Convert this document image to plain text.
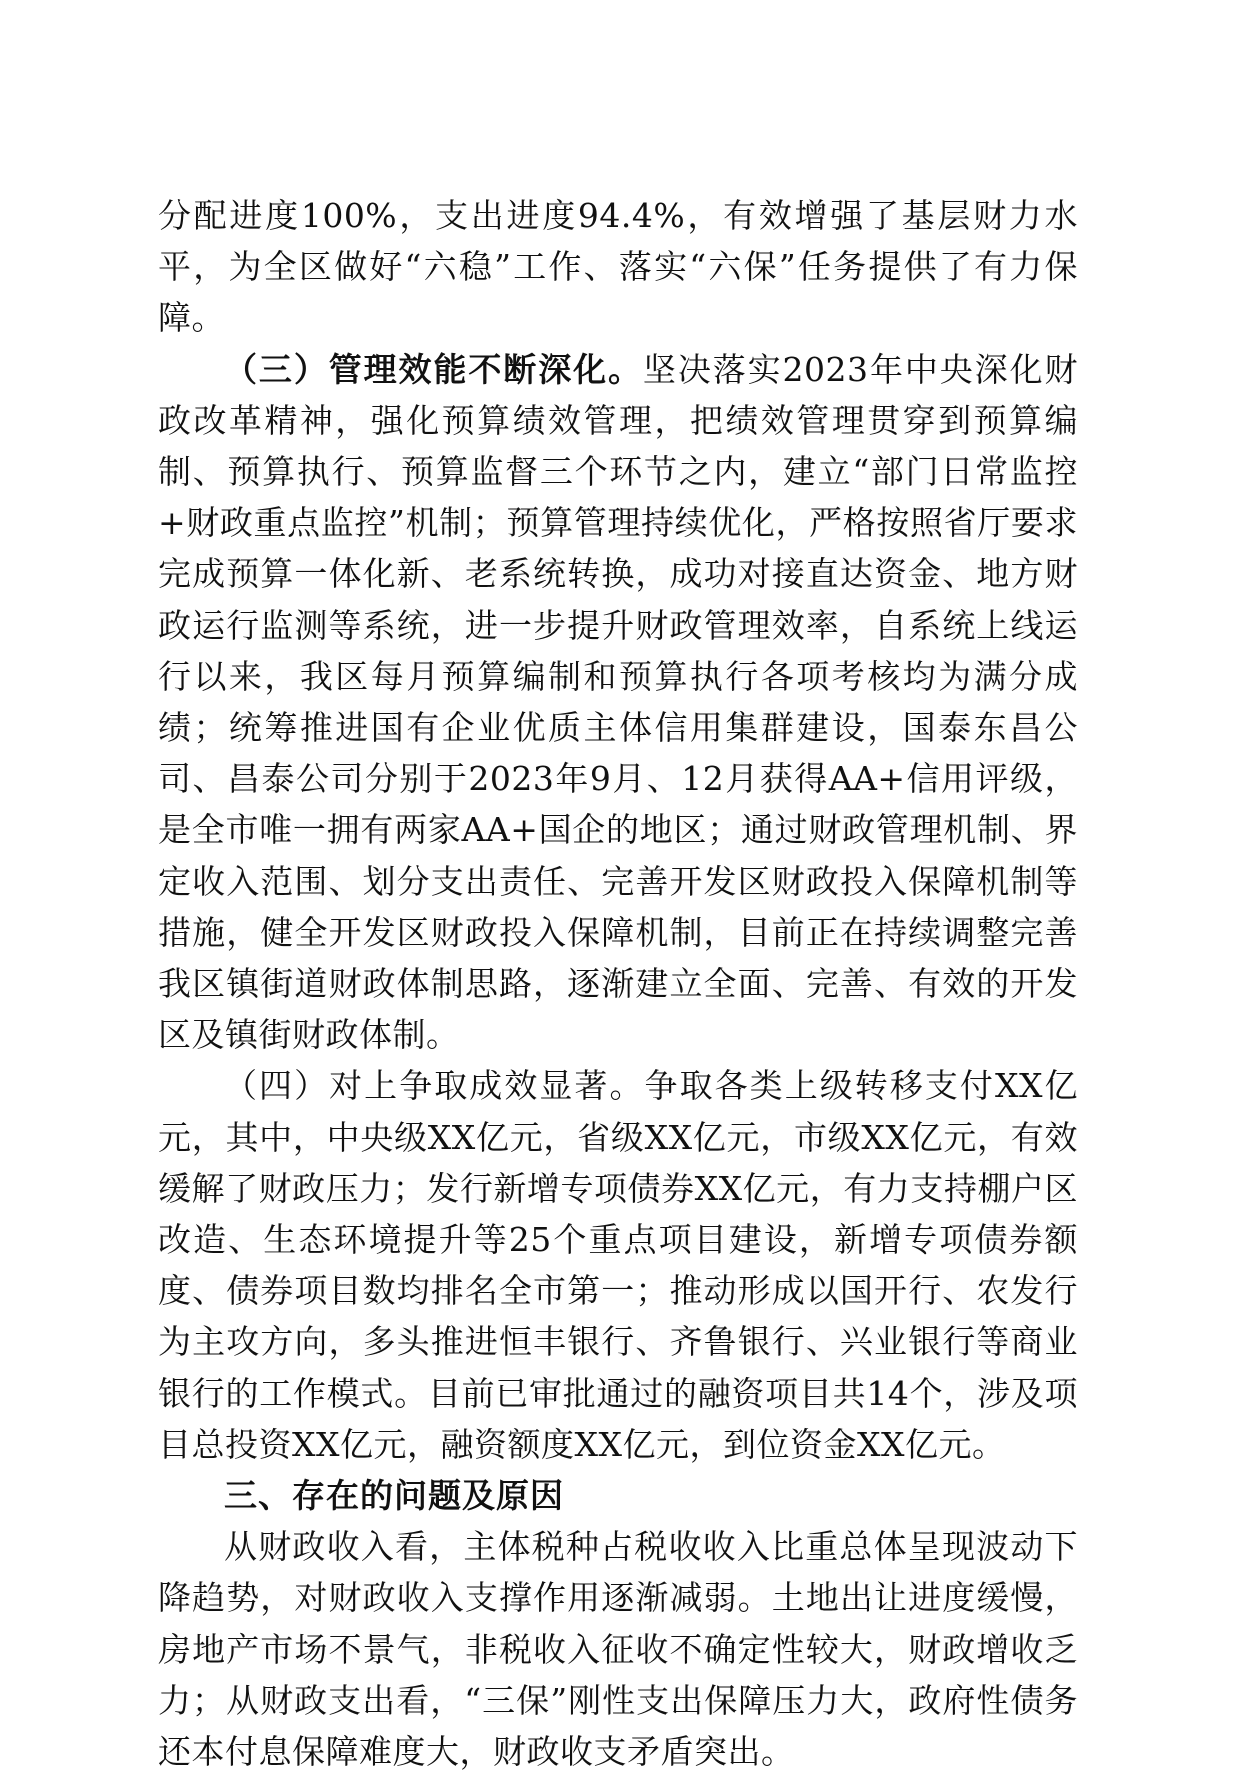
分配进度100%，支出进度94.4%，有效增强了基层财力水平，为全区做好“六稳”工作、落实“六保”任务提供了有力保障。

（三）管理效能不断深化。坚决落实2023年中央深化财政改革精神，强化预算绩效管理，把绩效管理贯穿到预算编制、预算执行、预算监督三个环节之内，建立“部门日常监控+财政重点监控”机制；预算管理持续优化，严格按照省厅要求完成预算一体化新、老系统转换，成功对接直达资金、地方财政运行监测等系统，进一步提升财政管理效率，自系统上线运行以来，我区每月预算编制和预算执行各项考核均为满分成绩；统筹推进国有企业优质主体信用集群建设，国泰东昌公司、昌泰公司分别于2023年9月、12月获得AA+信用评级，是全市唯一拥有两家AA+国企的地区；通过财政管理机制、界定收入范围、划分支出责任、完善开发区财政投入保障机制等措施，健全开发区财政投入保障机制，目前正在持续调整完善我区镇街道财政体制思路，逐渐建立全面、完善、有效的开发区及镇街财政体制。

（四）对上争取成效显著。争取各类上级转移支付XX亿元，其中，中央级XX亿元，省级XX亿元，市级XX亿元，有效缓解了财政压力；发行新增专项债券XX亿元，有力支持棚户区改造、生态环境提升等25个重点项目建设，新增专项债券额度、债券项目数均排名全市第一；推动形成以国开行、农发行为主攻方向，多头推进恒丰银行、齐鲁银行、兴业银行等商业银行的工作模式。目前已审批通过的融资项目共14个，涉及项目总投资XX亿元，融资额度XX亿元，到位资金XX亿元。

三、存在的问题及原因

从财政收入看，主体税种占税收收入比重总体呈现波动下降趋势，对财政收入支撑作用逐渐减弱。土地出让进度缓慢，房地产市场不景气，非税收入征收不确定性较大，财政增收乏力；从财政支出看，“三保”刚性支出保障压力大，政府性债务还本付息保障难度大，财政收支矛盾突出。
